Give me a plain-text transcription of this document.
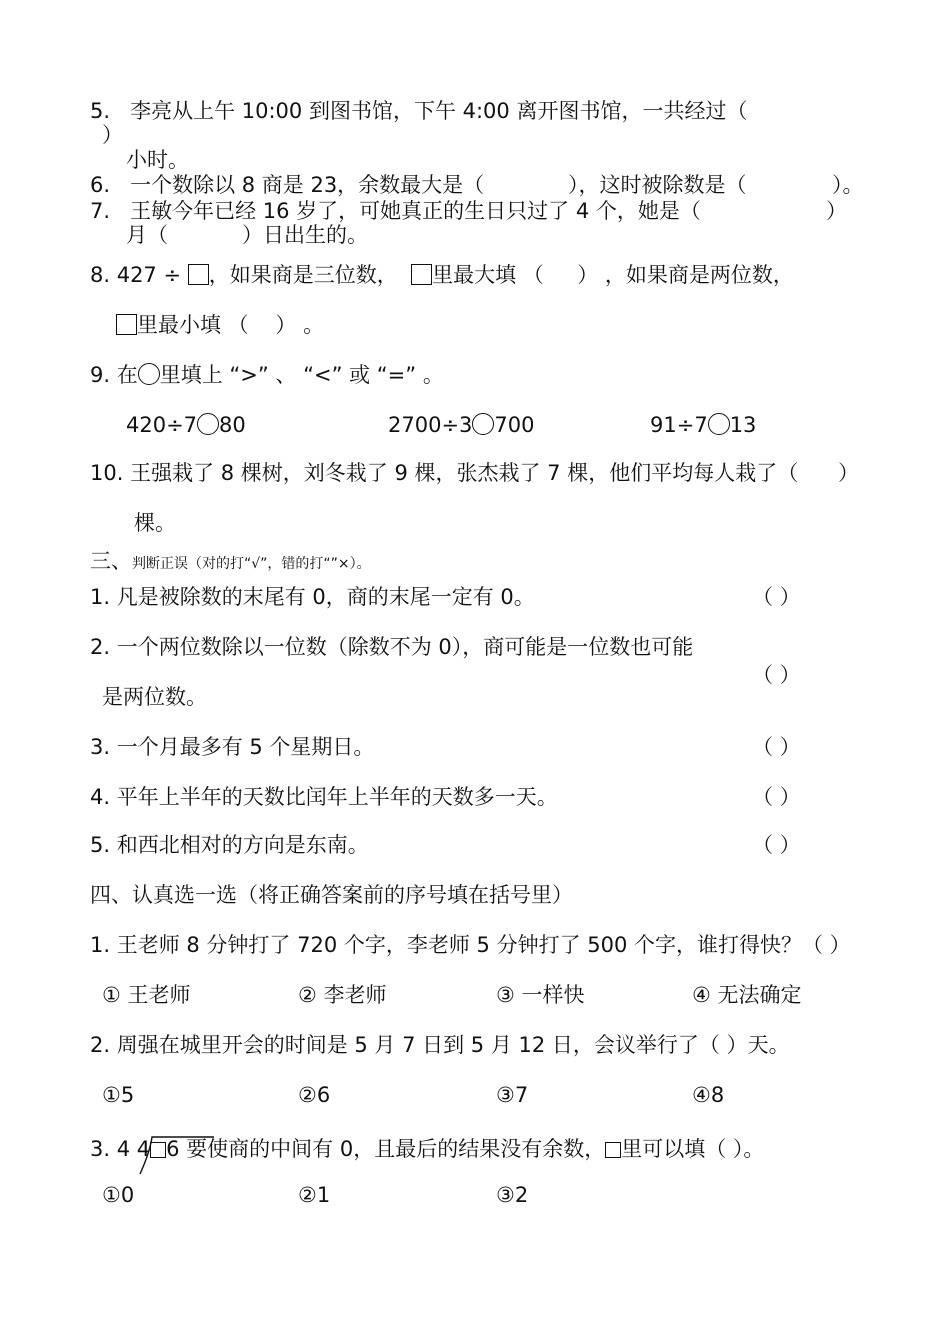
5. 李亮从上午 10:00 到图书馆，下午 4:00 离开图书馆，一共经过（
）
小时。
6. 一个数除以 8 商是 23，余数最大是（	），这时被除数是（	）。
7. 王敏今年已经 16 岁了，可她真正的生日只过了 4 个，她是（	）
月（	）日出生的。
8. 427 ÷ ，如果商是三位数， 里最大填 （ ） ，如果商是两位数，
里最小填 （ ） 。
9. 在 里填上 “>” 、 “<” 或 “=” 。
420÷7 80	2700÷3 700	91÷7 13
10. 王强栽了 8 棵树，刘冬栽了 9 棵，张杰栽了 7 棵，他们平均每人栽了（ ）
棵。
三、判断正误（对的打“√”，错的打“”×）。
1. 凡是被除数的末尾有 0，商的末尾一定有 0。	（ ）
2. 一个两位数除以一位数（除数不为 0），商可能是一位数也可能
是两位数。
（ ）
3. 一个月最多有 5 个星期日。	（ ）
4. 平年上半年的天数比闰年上半年的天数多一天。	（ ）
5. 和西北相对的方向是东南。	（ ）
四、认真选一选（将正确答案前的序号填在括号里）
1. 王老师 8 分钟打了 720 个字，李老师 5 分钟打了 500 个字，谁打得快？（ ）
① 王老师	② 李老师	③ 一样快	④ 无法确定
2. 周强在城里开会的时间是 5 月 7 日到 5 月 12 日，会议举行了（ ）天。
①5	②6	③7	④8
3. 4 4 6 要使商的中间有 0，且最后的结果没有余数， 里可以填（ ）。
①0	②1	③2
